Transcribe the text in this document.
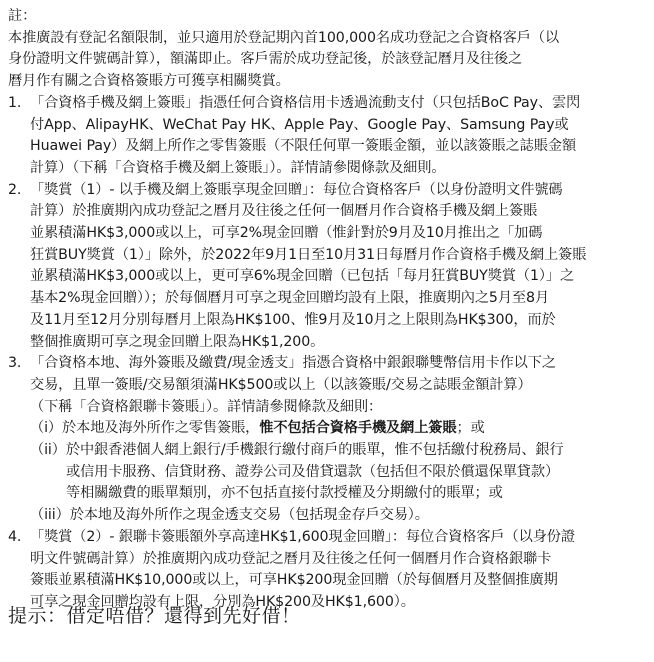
註：
本推廣設有登記名額限制，並只適用於登記期內首100,000名成功登記之合資格客戶（以
身份證明文件號碼計算），額滿即止。客戶需於成功登記後，於該登記曆月及往後之
曆月作有關之合資格簽賬方可獲享相關獎賞。
1. 「合資格手機及網上簽賬」指憑任何合資格信用卡透過流動支付（只包括BoC Pay、雲閃
付App、AlipayHK、WeChat Pay HK、Apple Pay、Google Pay、Samsung Pay或
Huawei Pay）及網上所作之零售簽賬（不限任何單一簽賬金額，並以該簽賬之誌賬金額
計算）（下稱「合資格手機及網上簽賬」）。詳情請參閱條款及細則。
2. 「獎賞（1）- 以手機及網上簽賬享現金回贈」：每位合資格客戶（以身份證明文件號碼
計算）於推廣期內成功登記之曆月及往後之任何一個曆月作合資格手機及網上簽賬
並累積滿HK$3,000或以上，可享2%現金回贈（惟針對於9月及10月推出之「加碼
狂賞BUY獎賞（1）」除外，於2022年9月1日至10月31日每曆月作合資格手機及網上簽賬
並累積滿HK$3,000或以上，更可享6%現金回贈（已包括「每月狂賞BUY獎賞（1）」之
基本2%現金回贈））；於每個曆月可享之現金回贈均設有上限，推廣期內之5月至8月
及11月至12月分別每曆月上限為HK$100、惟9月及10月之上限則為HK$300，而於
整個推廣期可享之現金回贈上限為HK$1,200。
3. 「合資格本地、海外簽賬及繳費/現金透支」指憑合資格中銀銀聯雙幣信用卡作以下之
交易，且單一簽賬/交易額須滿HK$500或以上（以該簽賬/交易之誌賬金額計算）
（下稱「合資格銀聯卡簽賬」）。詳情請參閱條款及細則：
（i）於本地及海外所作之零售簽賬，惟不包括合資格手機及網上簽賬；或
（ii）於中銀香港個人網上銀行/手機銀行繳付商戶的賬單，惟不包括繳付稅務局、銀行
或信用卡服務、信貸財務、證券公司及借貸還款（包括但不限於償還保單貸款）
等相關繳費的賬單類別，亦不包括直接付款授權及分期繳付的賬單；或
（iii）於本地及海外所作之現金透支交易（包括現金存戶交易）。
4. 「獎賞（2）- 銀聯卡簽賬額外享高達HK$1,600現金回贈」：每位合資格客戶（以身份證
明文件號碼計算）於推廣期內成功登記之曆月及往後之任何一個曆月作合資格銀聯卡
簽賬並累積滿HK$10,000或以上，可享HK$200現金回贈（於每個曆月及整個推廣期
可享之現金回贈均設有上限，分別為HK$200及HK$1,600）。
提示：借定唔借？還得到先好借！
